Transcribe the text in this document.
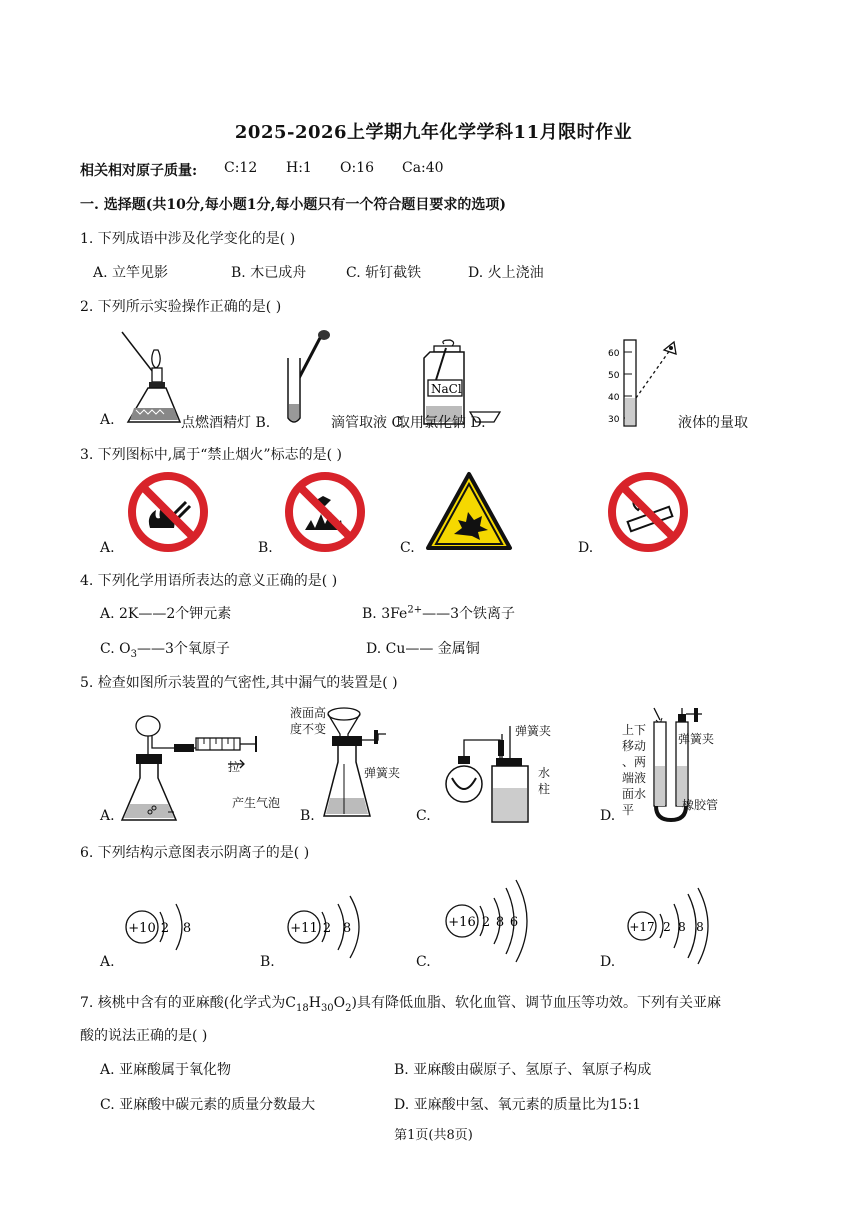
2025-2026上学期九年化学学科11月限时作业
相关相对原子质量: C:12 H:1 O:16 Ca:40
一. 选择题(共10分,每小题1分,每小题只有一个符合题目要求的选项)
1. 下列成语中涉及化学变化的是( )
A. 立竿见影	B. 木已成舟	C. 斩钉截铁	D. 火上浇油
2. 下列所示实验操作正确的是( )
A.	点燃酒精灯 B.	滴管取液 C.
NaCl
取用氯化钠 D.
60
50
40
30	液体的量取
3. 下列图标中,属于“禁止烟火”标志的是( )
A.	B.	C.	D.
4. 下列化学用语所表达的意义正确的是( )
A. 2K——2个钾元素	B. $3Fe^{2+}——3$个铁离子
C. $O_3——3$个氧原子	D. Cu—— 金属铜
5. 检查如图所示装置的气密性,其中漏气的装置是( )
产生气泡
拉
A.
液面高
度不变
弹簧夹
B.
弹簧夹
水
柱
C.
上下
移动
、两
端液
面水
平
弹簧夹
橡胶管
D.
6. 下列结构示意图表示阴离子的是( )
+10 2 8
A.
+11 2 8
B.
+16 2 8 6
C.
+17 2 8 8
D.
7. 核桃中含有的亚麻酸(化学式为$C_{18}H_{30}O_2$)具有降低血脂、软化血管、调节血压等功效。下列有关亚麻
酸的说法正确的是( )
A. 亚麻酸属于氧化物	B. 亚麻酸由碳原子、氢原子、氧原子构成
C. 亚麻酸中碳元素的质量分数最大	D. 亚麻酸中氢、氧元素的质量比为15:1
第1页(共8页)
